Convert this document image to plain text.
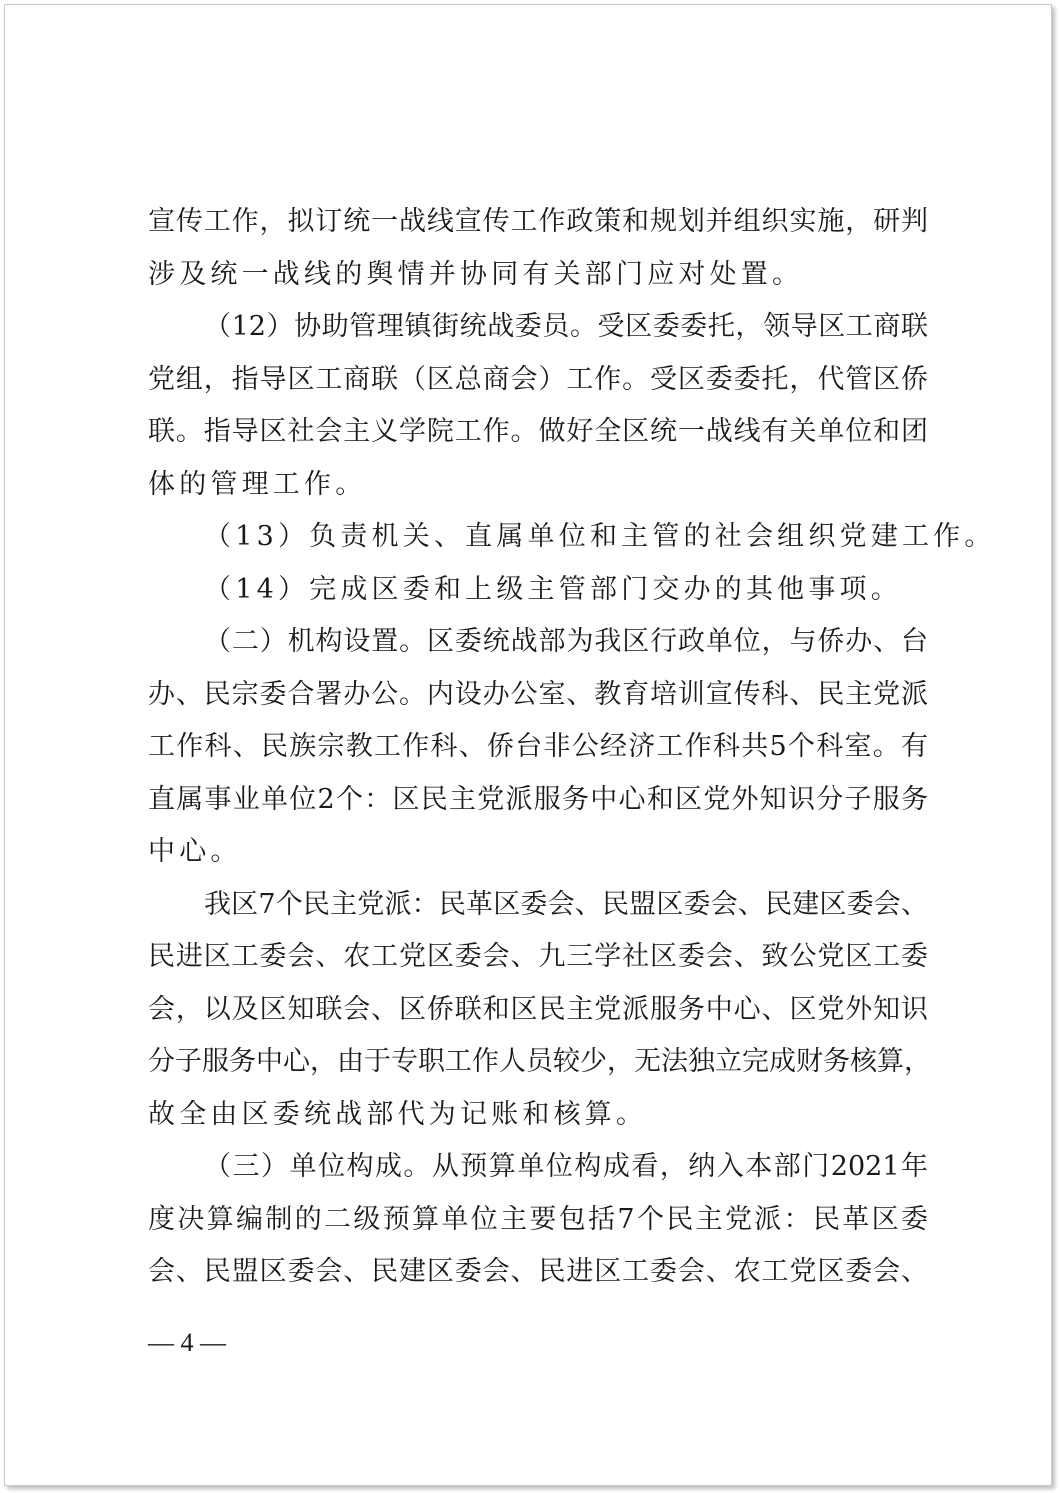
宣传工作，拟订统一战线宣传工作政策和规划并组织实施，研判
涉及统一战线的舆情并协同有关部门应对处置。
（12）协助管理镇街统战委员。受区委委托，领导区工商联
党组，指导区工商联（区总商会）工作。受区委委托，代管区侨
联。指导区社会主义学院工作。做好全区统一战线有关单位和团
体的管理工作。
（13）负责机关、直属单位和主管的社会组织党建工作。
（14）完成区委和上级主管部门交办的其他事项。
（二）机构设置。区委统战部为我区行政单位，与侨办、台
办、民宗委合署办公。内设办公室、教育培训宣传科、民主党派
工作科、民族宗教工作科、侨台非公经济工作科共5个科室。有
直属事业单位2个：区民主党派服务中心和区党外知识分子服务
中心。
我区7个民主党派：民革区委会、民盟区委会、民建区委会、
民进区工委会、农工党区委会、九三学社区委会、致公党区工委
会，以及区知联会、区侨联和区民主党派服务中心、区党外知识
分子服务中心，由于专职工作人员较少，无法独立完成财务核算，
故全由区委统战部代为记账和核算。
（三）单位构成。从预算单位构成看，纳入本部门2021年
度决算编制的二级预算单位主要包括7个民主党派：民革区委
会、民盟区委会、民建区委会、民进区工委会、农工党区委会、
— 4 —
